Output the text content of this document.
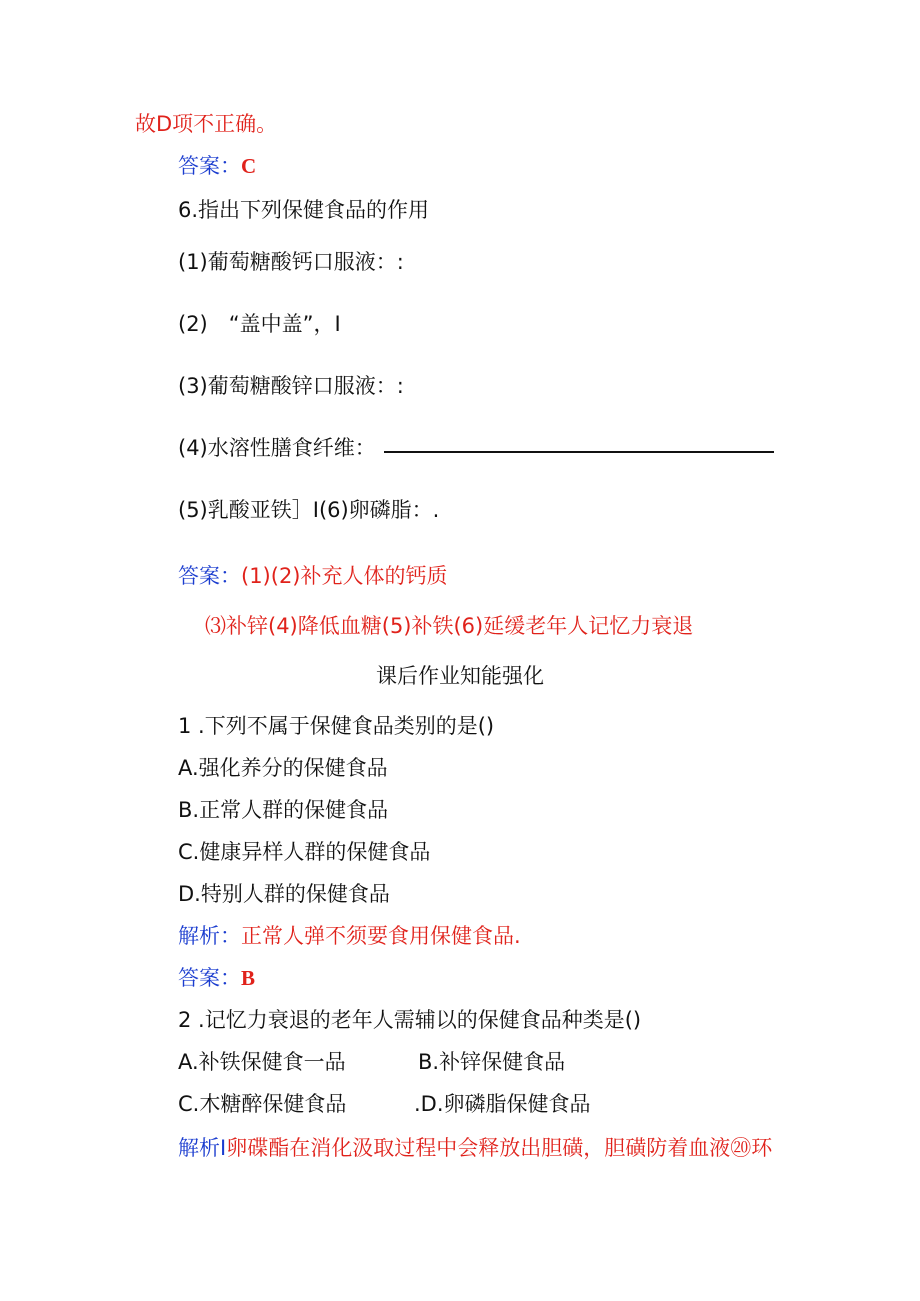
故D项不正确。
答案：C
6.指出下列保健食品的作用
(1)葡萄糖酸钙口服液：:
(2)　“盖中盖”，I
(3)葡萄糖酸锌口服液：:
(4)水溶性膳食纤维：
(5)乳酸亚铁］I(6)卵磷脂：.
答案：(1)(2)补充人体的钙质
⑶补锌(4)降低血糖(5)补铁(6)延缓老年人记忆力衰退
课后作业知能强化
1 .下列不属于保健食品类别的是()
A.强化养分的保健食品
B.正常人群的保健食品
C.健康异样人群的保健食品
D.特别人群的保健食品
解析：正常人弹不须要食用保健食品.
答案：B
2 .记忆力衰退的老年人需辅以的保健食品种类是()
A.补铁保健食一品	B.补锌保健食品
C.木糖醉保健食品	.D.卵磷脂保健食品
解析I卵碟酯在消化汲取过程中会释放出胆磺，胆磺防着血液⑳环
